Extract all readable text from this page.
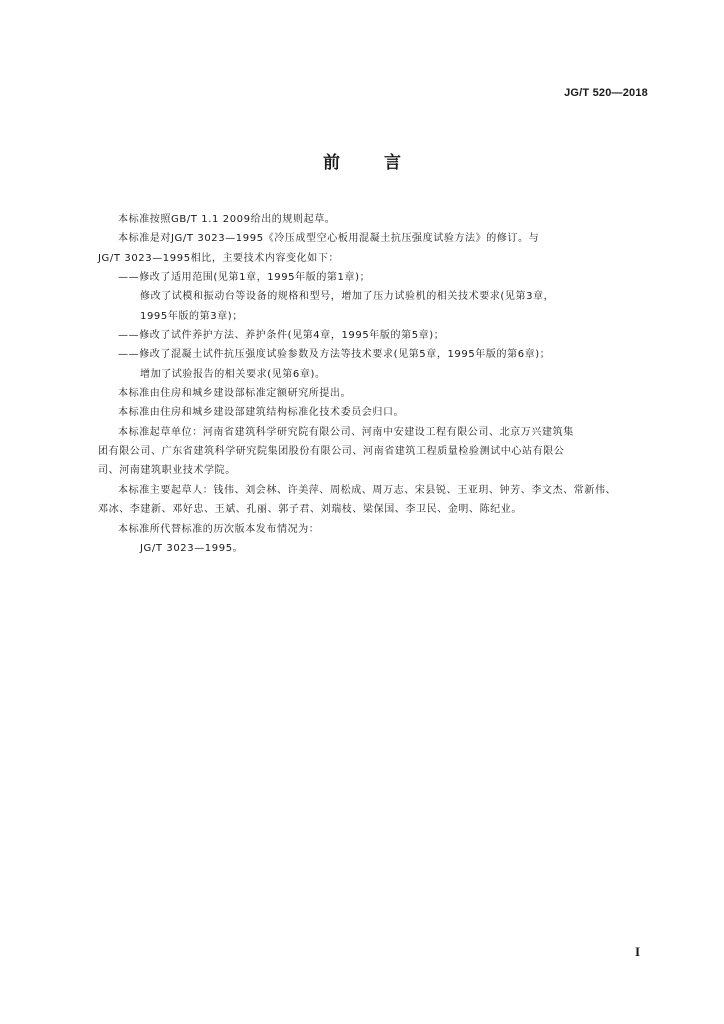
JG/T 520—2018
前	言
本标准按照GB/T 1.1 2009给出的规则起草。
本标准是对JG/T 3023—1995《冷压成型空心板用混凝土抗压强度试验方法》的修订。与
JG/T 3023—1995相比，主要技术内容变化如下：
——修改了适用范围(见第1章，1995年版的第1章)；
修改了试模和振动台等设备的规格和型号，增加了压力试验机的相关技术要求(见第3章，
1995年版的第3章)；
——修改了试件养护方法、养护条件(见第4章，1995年版的第5章)；
——修改了混凝土试件抗压强度试验参数及方法等技术要求(见第5章，1995年版的第6章)；
增加了试验报告的相关要求(见第6章)。
本标准由住房和城乡建设部标准定额研究所提出。
本标准由住房和城乡建设部建筑结构标准化技术委员会归口。
本标准起草单位：河南省建筑科学研究院有限公司、河南中安建设工程有限公司、北京万兴建筑集
团有限公司、广东省建筑科学研究院集团股份有限公司、河南省建筑工程质量检验测试中心站有限公
司、河南建筑职业技术学院。
本标准主要起草人：钱伟、刘会林、许美萍、周松成、周万志、宋县锐、王亚玥、钟芳、李文杰、常新伟、
邓冰、李建新、邓好忠、王斌、孔丽、郭子君、刘瑞枝、梁保国、李卫民、金明、陈纪业。
本标准所代替标准的历次版本发布情况为：
JG/T 3023—1995。
I
